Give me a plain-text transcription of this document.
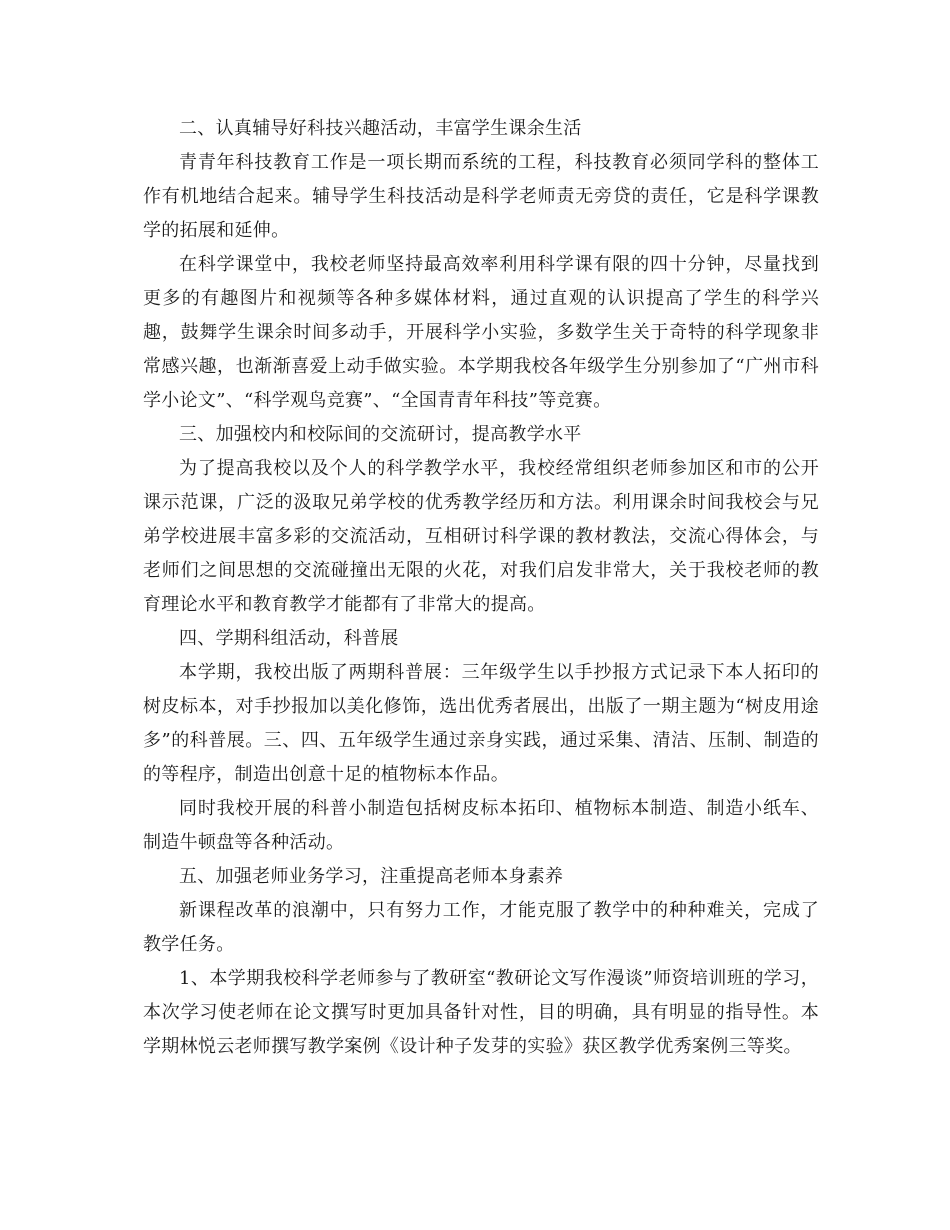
二、认真辅导好科技兴趣活动，丰富学生课余生活

青青年科技教育工作是一项长期而系统的工程，科技教育必须同学科的整体工作有机地结合起来。辅导学生科技活动是科学老师责无旁贷的责任，它是科学课教学的拓展和延伸。

在科学课堂中，我校老师坚持最高效率利用科学课有限的四十分钟，尽量找到更多的有趣图片和视频等各种多媒体材料，通过直观的认识提高了学生的科学兴趣，鼓舞学生课余时间多动手，开展科学小实验，多数学生关于奇特的科学现象非常感兴趣，也渐渐喜爱上动手做实验。本学期我校各年级学生分别参加了“广州市科学小论文”、“科学观鸟竞赛”、“全国青青年科技”等竞赛。

三、加强校内和校际间的交流研讨，提高教学水平

为了提高我校以及个人的科学教学水平，我校经常组织老师参加区和市的公开课示范课，广泛的汲取兄弟学校的优秀教学经历和方法。利用课余时间我校会与兄弟学校进展丰富多彩的交流活动，互相研讨科学课的教材教法，交流心得体会，与老师们之间思想的交流碰撞出无限的火花，对我们启发非常大，关于我校老师的教育理论水平和教育教学才能都有了非常大的提高。

四、学期科组活动，科普展

本学期，我校出版了两期科普展：三年级学生以手抄报方式记录下本人拓印的树皮标本，对手抄报加以美化修饰，选出优秀者展出，出版了一期主题为“树皮用途多”的科普展。三、四、五年级学生通过亲身实践，通过采集、清洁、压制、制造的的等程序，制造出创意十足的植物标本作品。

同时我校开展的科普小制造包括树皮标本拓印、植物标本制造、制造小纸车、制造牛顿盘等各种活动。

五、加强老师业务学习，注重提高老师本身素养

新课程改革的浪潮中，只有努力工作，才能克服了教学中的种种难关，完成了教学任务。

1、本学期我校科学老师参与了教研室“教研论文写作漫谈”师资培训班的学习，本次学习使老师在论文撰写时更加具备针对性，目的明确，具有明显的指导性。本学期林悦云老师撰写教学案例《设计种子发芽的实验》获区教学优秀案例三等奖。
